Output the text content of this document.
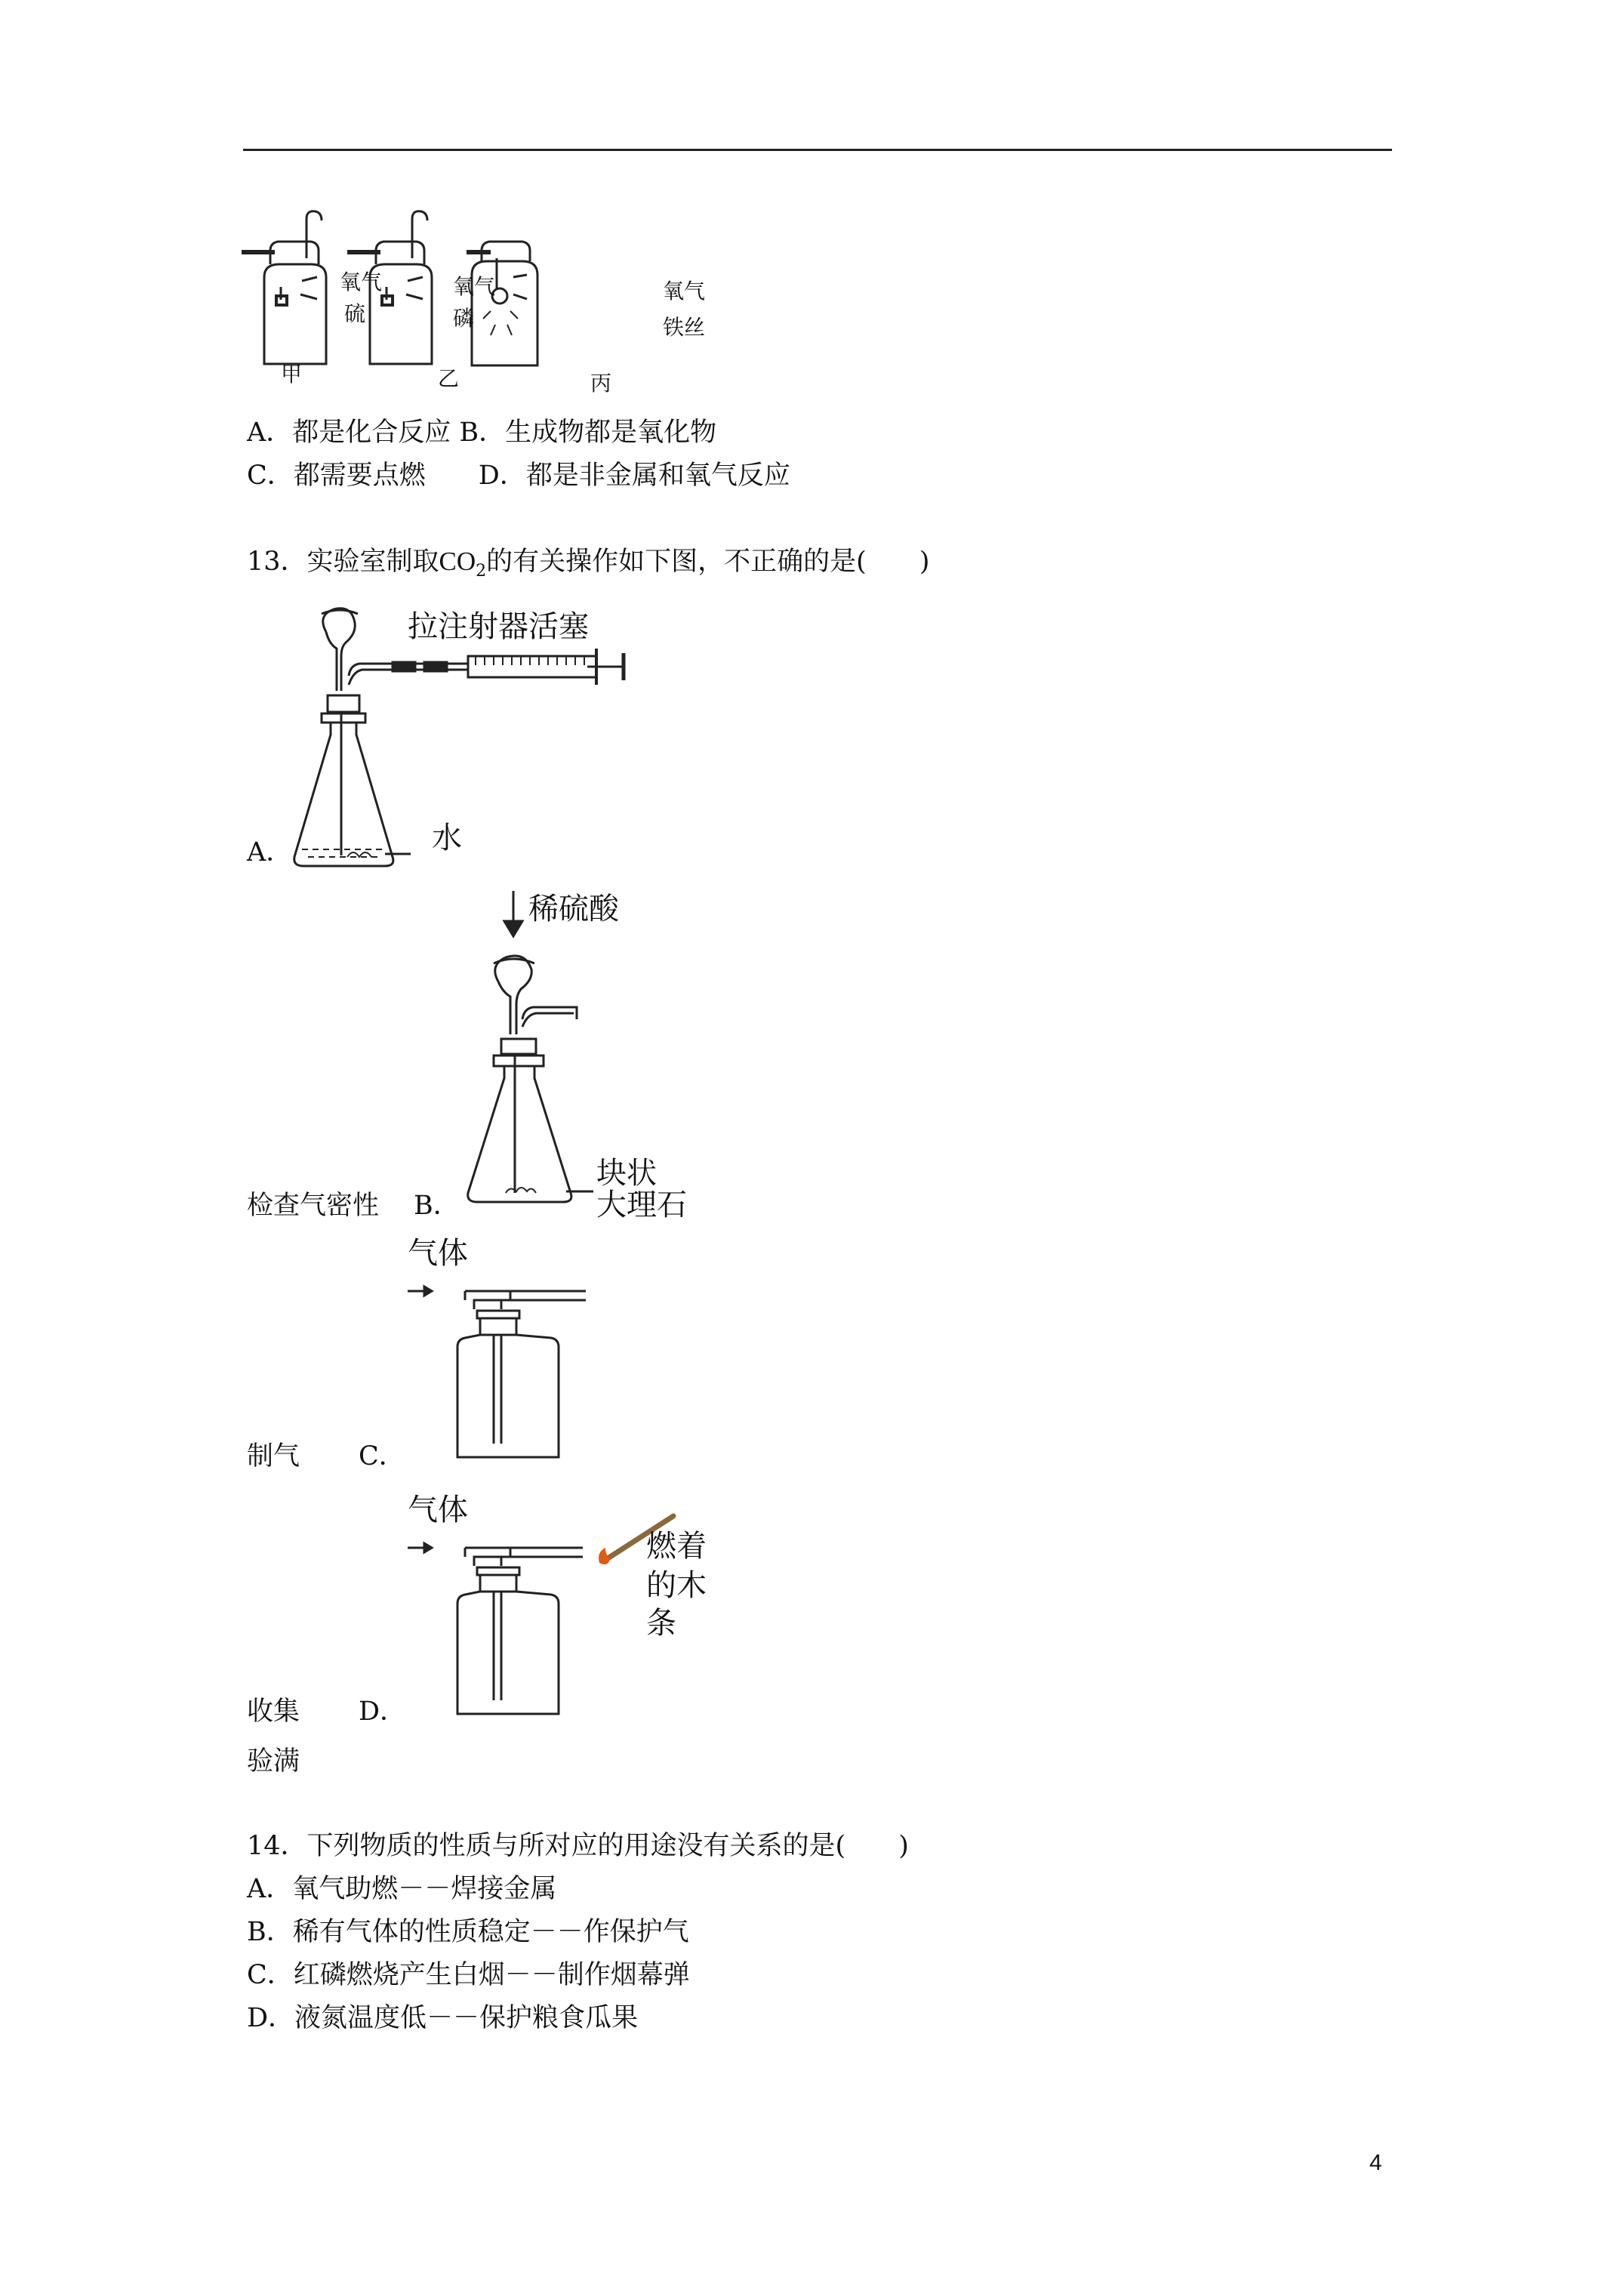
氧气
硫
甲
氧气
磷
乙
氧气
铁丝
丙
A．都是化合反应 B．生成物都是氧化物
C．都需要点燃　　D．都是非金属和氧气反应
13．实验室制取$CO_2$的有关操作如下图，不正确的是(　　)
拉注射器活塞
水
A．
稀硫酸
块状
大理石
检查气密性 B．
气体
制气 C．
气体
燃着
的木
条
收集 D．
验满
14．下列物质的性质与所对应的用途没有关系的是(　　)
A．氧气助燃－－焊接金属
B．稀有气体的性质稳定－－作保护气
C．红磷燃烧产生白烟－－制作烟幕弹
D．液氮温度低－－保护粮食瓜果
4
